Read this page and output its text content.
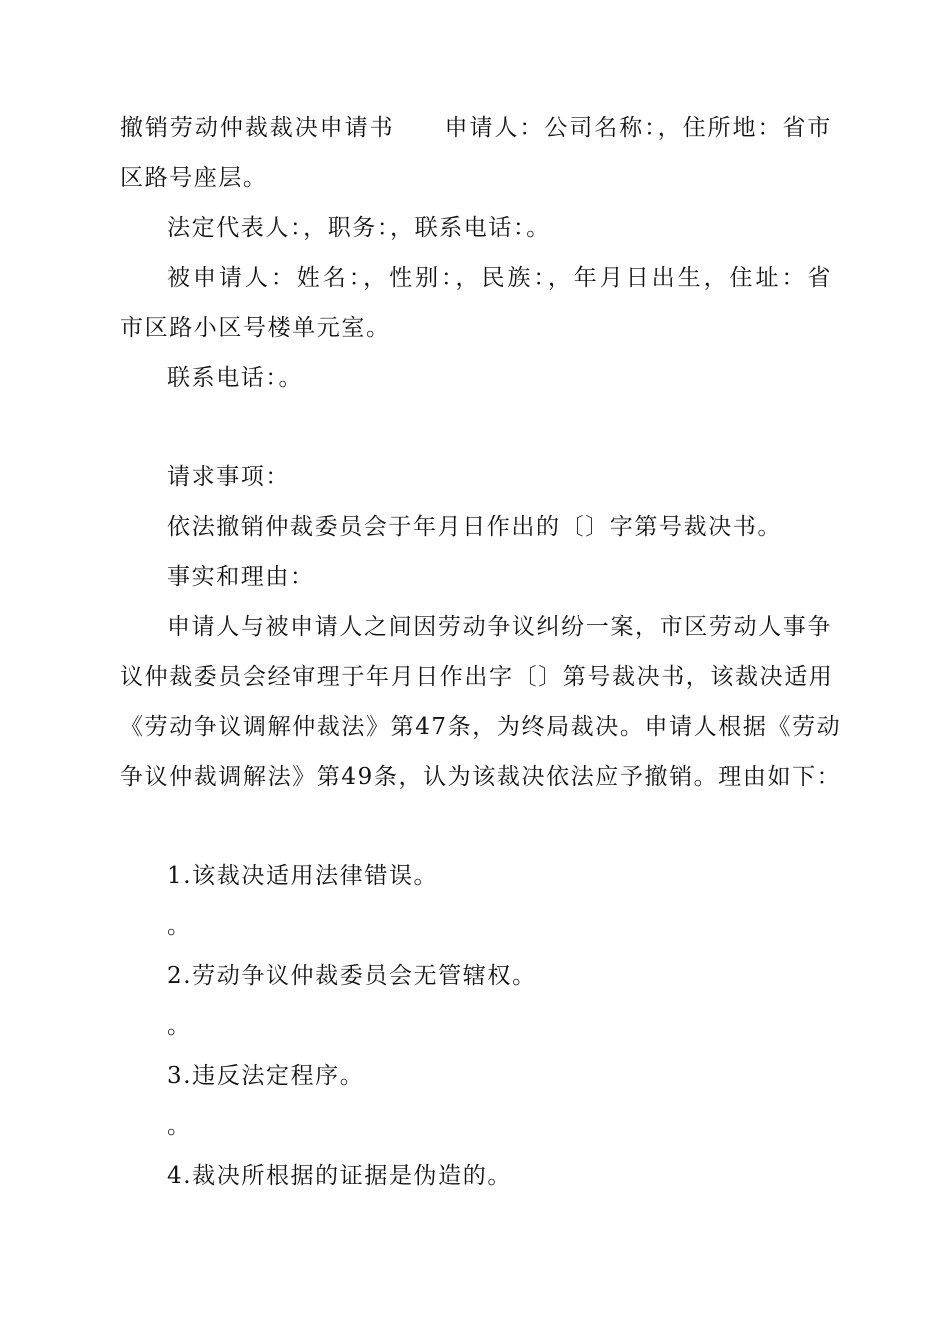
撤销劳动仲裁裁决申请书　　申请人：公司名称：，住所地：省市
区路号座层。
法定代表人：，职务：，联系电话：。
被申请人：姓名：，性别：，民族：，年月日出生，住址：省
市区路小区号楼单元室。
联系电话：。
请求事项：
依法撤销仲裁委员会于年月日作出的〔〕字第号裁决书。
事实和理由：
申请人与被申请人之间因劳动争议纠纷一案，市区劳动人事争
议仲裁委员会经审理于年月日作出字〔〕第号裁决书，该裁决适用
《劳动争议调解仲裁法》第47条，为终局裁决。申请人根据《劳动
争议仲裁调解法》第49条，认为该裁决依法应予撤销。理由如下：
1.该裁决适用法律错误。
。
2.劳动争议仲裁委员会无管辖权。
。
3.违反法定程序。
。
4.裁决所根据的证据是伪造的。
